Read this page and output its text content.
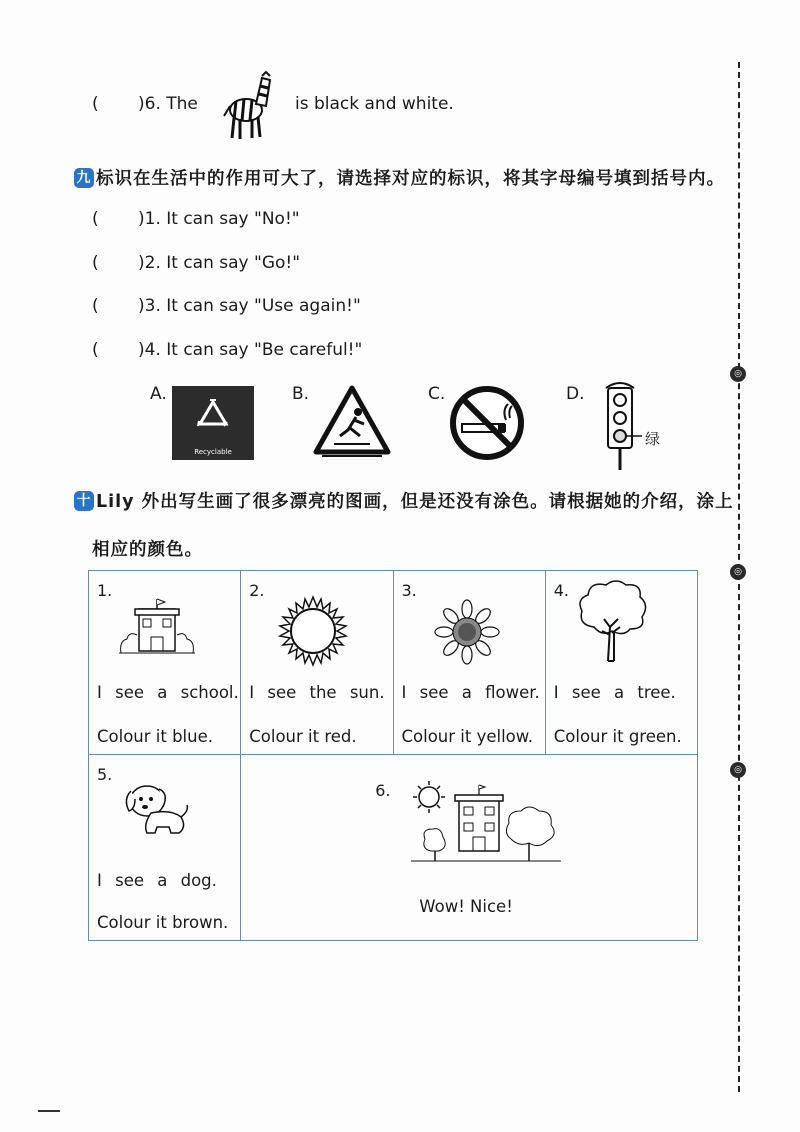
◎
◎
◎
( )6. The	is black and white.
九 标识在生活中的作用可大了，请选择对应的标识，将其字母编号填到括号内。
( )1. It can say "No!"
( )2. It can say "Go!"
( )3. It can say "Use again!"
( )4. It can say "Be careful!"
A.
Recyclable
B.	C.	D.
绿
十 Lily 外出写生画了很多漂亮的图画，但是还没有涂色。请根据她的介绍，涂上
相应的颜色。
1.
I see a school.
Colour it blue.	2.
I see the sun.
Colour it red.	3.
I see a flower.
Colour it yellow.	4.
I see a tree.
Colour it green.

5.
I see a dog.
Colour it brown.	6.
Wow! Nice!		
